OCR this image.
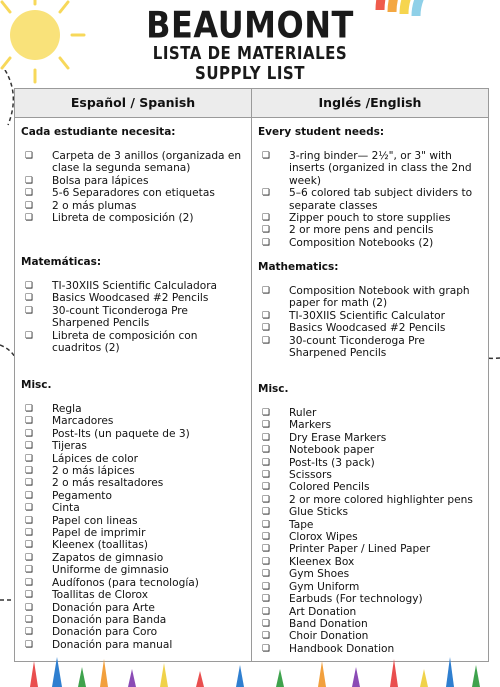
BEAUMONT
LISTA DE MATERIALES
SUPPLY LIST
Español / Spanish	Inglés /English
Cada estudiante necesita:
❏ Carpeta de 3 anillos (organizada en clase la segunda semana)
❏ Bolsa para lápices
❏ 5-6 Separadores con etiquetas
❏ 2 o más plumas
❏ Libreta de composición (2)
Matemáticas:
❏ TI-30XIIS Scientific Calculadora
❏ Basics Woodcased #2 Pencils
❏ 30-count Ticonderoga Pre Sharpened Pencils
❏ Libreta de composición con cuadritos (2)
Misc.
❏ Regla
❏ Marcadores
❏ Post-Its (un paquete de 3)
❏ Tijeras
❏ Lápices de color
❏ 2 o más lápices
❏ 2 o más resaltadores
❏ Pegamento
❏ Cinta
❏ Papel con lineas
❏ Papel de imprimir
❏ Kleenex (toallitas)
❏ Zapatos de gimnasio
❏ Uniforme de gimnasio
❏ Audífonos (para tecnología)
❏ Toallitas de Clorox
❏ Donación para Arte
❏ Donación para Banda
❏ Donación para Coro
❏ Donación para manual
Every student needs:
❏ 3-ring binder— 2½", or 3" with inserts (organized in class the 2nd week)
❏ 5–6 colored tab subject dividers to separate classes
❏ Zipper pouch to store supplies
❏ 2 or more pens and pencils
❏ Composition Notebooks (2)
Mathematics:
❏ Composition Notebook with graph paper for math (2)
❏ TI-30XIIS Scientific Calculator
❏ Basics Woodcased #2 Pencils
❏ 30-count Ticonderoga Pre Sharpened Pencils
Misc.
❏ Ruler
❏ Markers
❏ Dry Erase Markers
❏ Notebook paper
❏ Post-Its (3 pack)
❏ Scissors
❏ Colored Pencils
❏ 2 or more colored highlighter pens
❏ Glue Sticks
❏ Tape
❏ Clorox Wipes
❏ Printer Paper / Lined Paper
❏ Kleenex Box
❏ Gym Shoes
❏ Gym Uniform
❏ Earbuds (For technology)
❏ Art Donation
❏ Band Donation
❏ Choir Donation
❏ Handbook Donation
